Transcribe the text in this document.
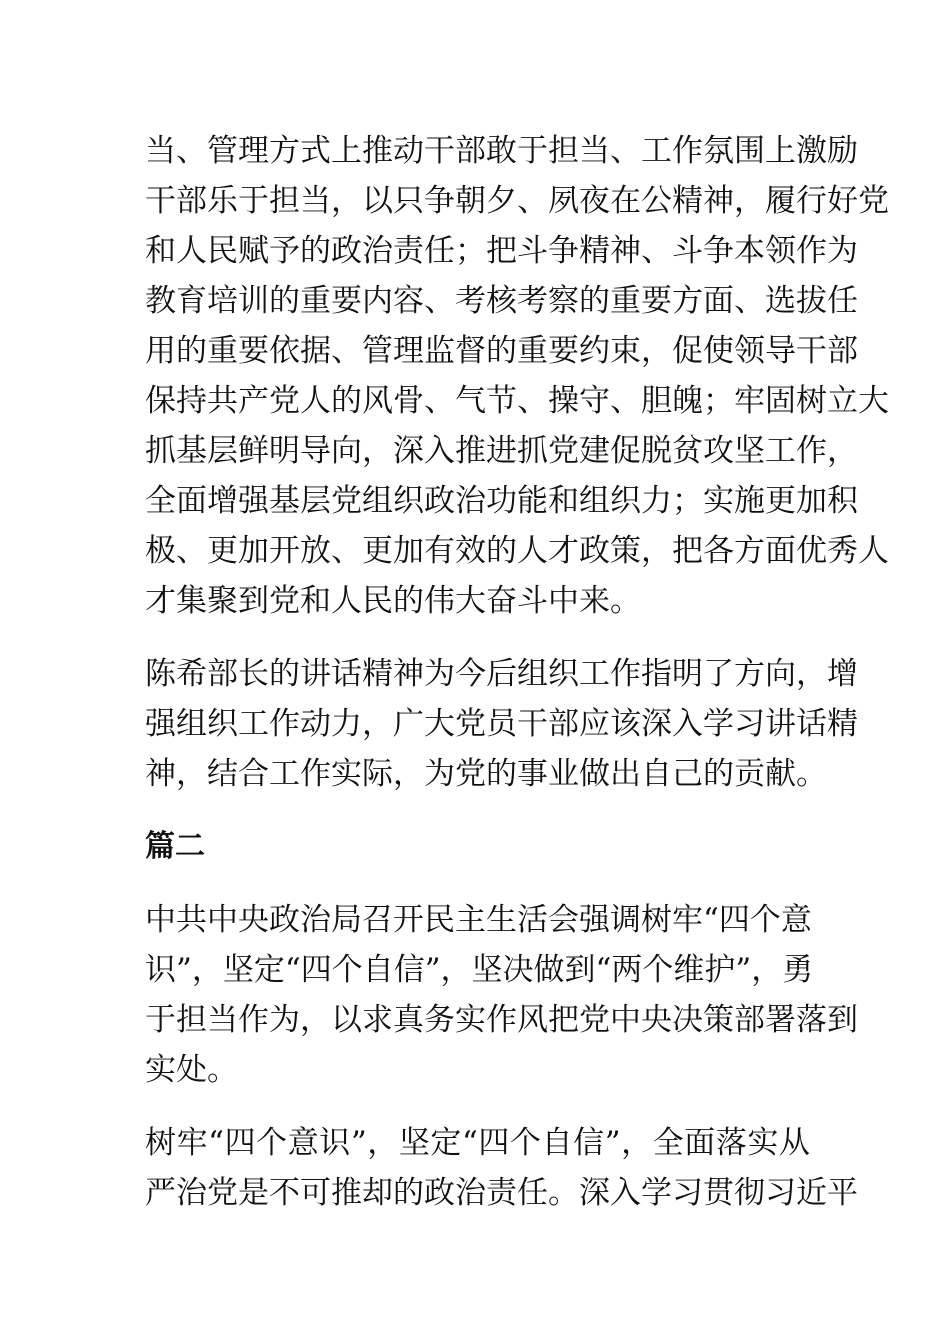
当、管理方式上推动干部敢于担当、工作氛围上激励
干部乐于担当，以只争朝夕、夙夜在公精神，履行好党
和人民赋予的政治责任；把斗争精神、斗争本领作为
教育培训的重要内容、考核考察的重要方面、选拔任
用的重要依据、管理监督的重要约束，促使领导干部
保持共产党人的风骨、气节、操守、胆魄；牢固树立大
抓基层鲜明导向，深入推进抓党建促脱贫攻坚工作，
全面增强基层党组织政治功能和组织力；实施更加积
极、更加开放、更加有效的人才政策，把各方面优秀人
才集聚到党和人民的伟大奋斗中来。
陈希部长的讲话精神为今后组织工作指明了方向，增
强组织工作动力，广大党员干部应该深入学习讲话精
神，结合工作实际，为党的事业做出自己的贡献。
篇二
中共中央政治局召开民主生活会强调树牢“四个意
识”，坚定“四个自信”，坚决做到“两个维护”，勇
于担当作为，以求真务实作风把党中央决策部署落到
实处。
树牢“四个意识”，坚定“四个自信”，全面落实从
严治党是不可推却的政治责任。深入学习贯彻习近平
